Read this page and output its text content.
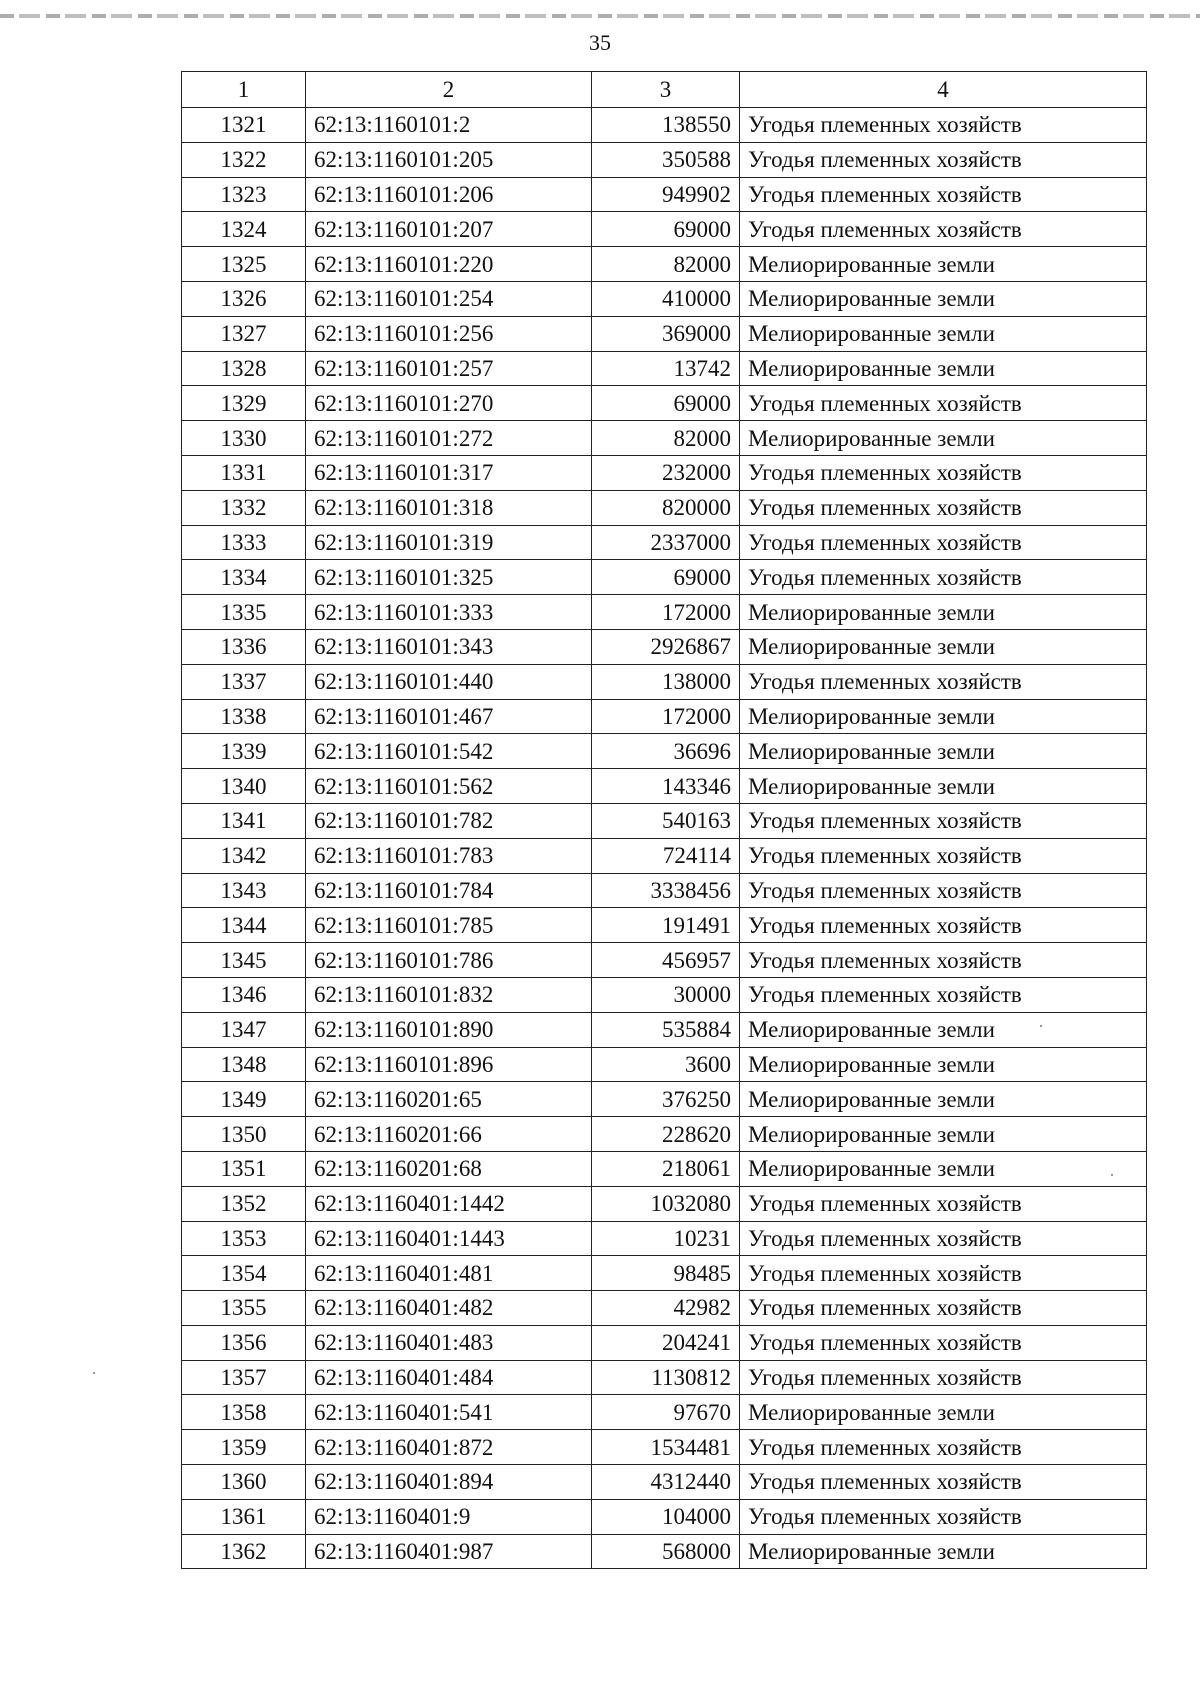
35
1	2	3	4
1321	62:13:1160101:2	138550	Угодья племенных хозяйств
1322	62:13:1160101:205	350588	Угодья племенных хозяйств
1323	62:13:1160101:206	949902	Угодья племенных хозяйств
1324	62:13:1160101:207	69000	Угодья племенных хозяйств
1325	62:13:1160101:220	82000	Мелиорированные земли
1326	62:13:1160101:254	410000	Мелиорированные земли
1327	62:13:1160101:256	369000	Мелиорированные земли
1328	62:13:1160101:257	13742	Мелиорированные земли
1329	62:13:1160101:270	69000	Угодья племенных хозяйств
1330	62:13:1160101:272	82000	Мелиорированные земли
1331	62:13:1160101:317	232000	Угодья племенных хозяйств
1332	62:13:1160101:318	820000	Угодья племенных хозяйств
1333	62:13:1160101:319	2337000	Угодья племенных хозяйств
1334	62:13:1160101:325	69000	Угодья племенных хозяйств
1335	62:13:1160101:333	172000	Мелиорированные земли
1336	62:13:1160101:343	2926867	Мелиорированные земли
1337	62:13:1160101:440	138000	Угодья племенных хозяйств
1338	62:13:1160101:467	172000	Мелиорированные земли
1339	62:13:1160101:542	36696	Мелиорированные земли
1340	62:13:1160101:562	143346	Мелиорированные земли
1341	62:13:1160101:782	540163	Угодья племенных хозяйств
1342	62:13:1160101:783	724114	Угодья племенных хозяйств
1343	62:13:1160101:784	3338456	Угодья племенных хозяйств
1344	62:13:1160101:785	191491	Угодья племенных хозяйств
1345	62:13:1160101:786	456957	Угодья племенных хозяйств
1346	62:13:1160101:832	30000	Угодья племенных хозяйств
1347	62:13:1160101:890	535884	Мелиорированные земли
1348	62:13:1160101:896	3600	Мелиорированные земли
1349	62:13:1160201:65	376250	Мелиорированные земли
1350	62:13:1160201:66	228620	Мелиорированные земли
1351	62:13:1160201:68	218061	Мелиорированные земли
1352	62:13:1160401:1442	1032080	Угодья племенных хозяйств
1353	62:13:1160401:1443	10231	Угодья племенных хозяйств
1354	62:13:1160401:481	98485	Угодья племенных хозяйств
1355	62:13:1160401:482	42982	Угодья племенных хозяйств
1356	62:13:1160401:483	204241	Угодья племенных хозяйств
1357	62:13:1160401:484	1130812	Угодья племенных хозяйств
1358	62:13:1160401:541	97670	Мелиорированные земли
1359	62:13:1160401:872	1534481	Угодья племенных хозяйств
1360	62:13:1160401:894	4312440	Угодья племенных хозяйств
1361	62:13:1160401:9	104000	Угодья племенных хозяйств
1362	62:13:1160401:987	568000	Мелиорированные земли
